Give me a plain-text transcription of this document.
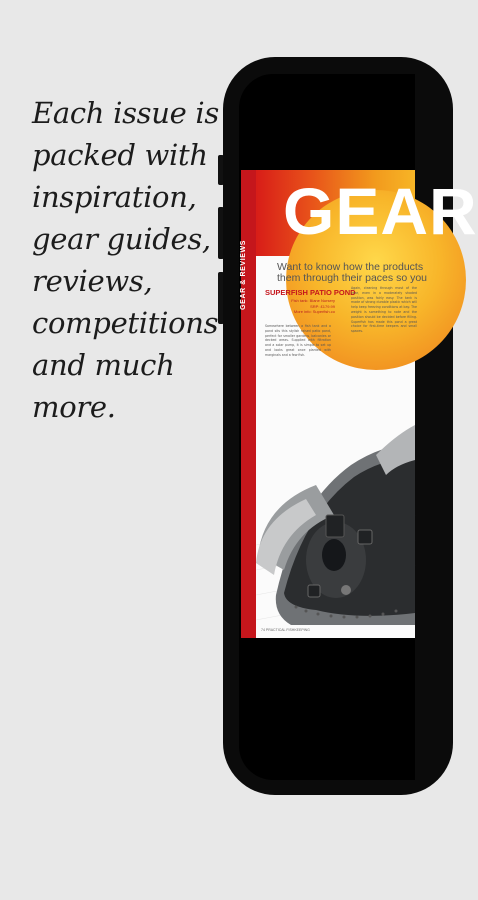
Each issue is
packed with
inspiration,
gear guides,
reviews,
competitions
and much
more.

GEAR & REVIEWS
GEAR
Want to know how the products
them through their paces so you
SUPERFISH PATIO POND
Fish tank: Blane Nursery
SRP: £179.99
More info: Superfish.co
Somewhere between a fish tank and a pond sits this stylish raised patio pond, perfect for smaller gardens, balconies or decked areas. Supplied with filtration and a solar pump, it is simple to set up and looks great once planted with marginals and a few fish.
Again, cleaning through most of the year, even in a moderately shaded position, was fairly easy. The tank is made of strong durable plastic which will help keep freezing conditions at bay. The weight is something to note and the position should be decided before filling. Superfish has made this pond a great choice for first-time keepers and small spaces.
74 PRACTICAL FISHKEEPING
